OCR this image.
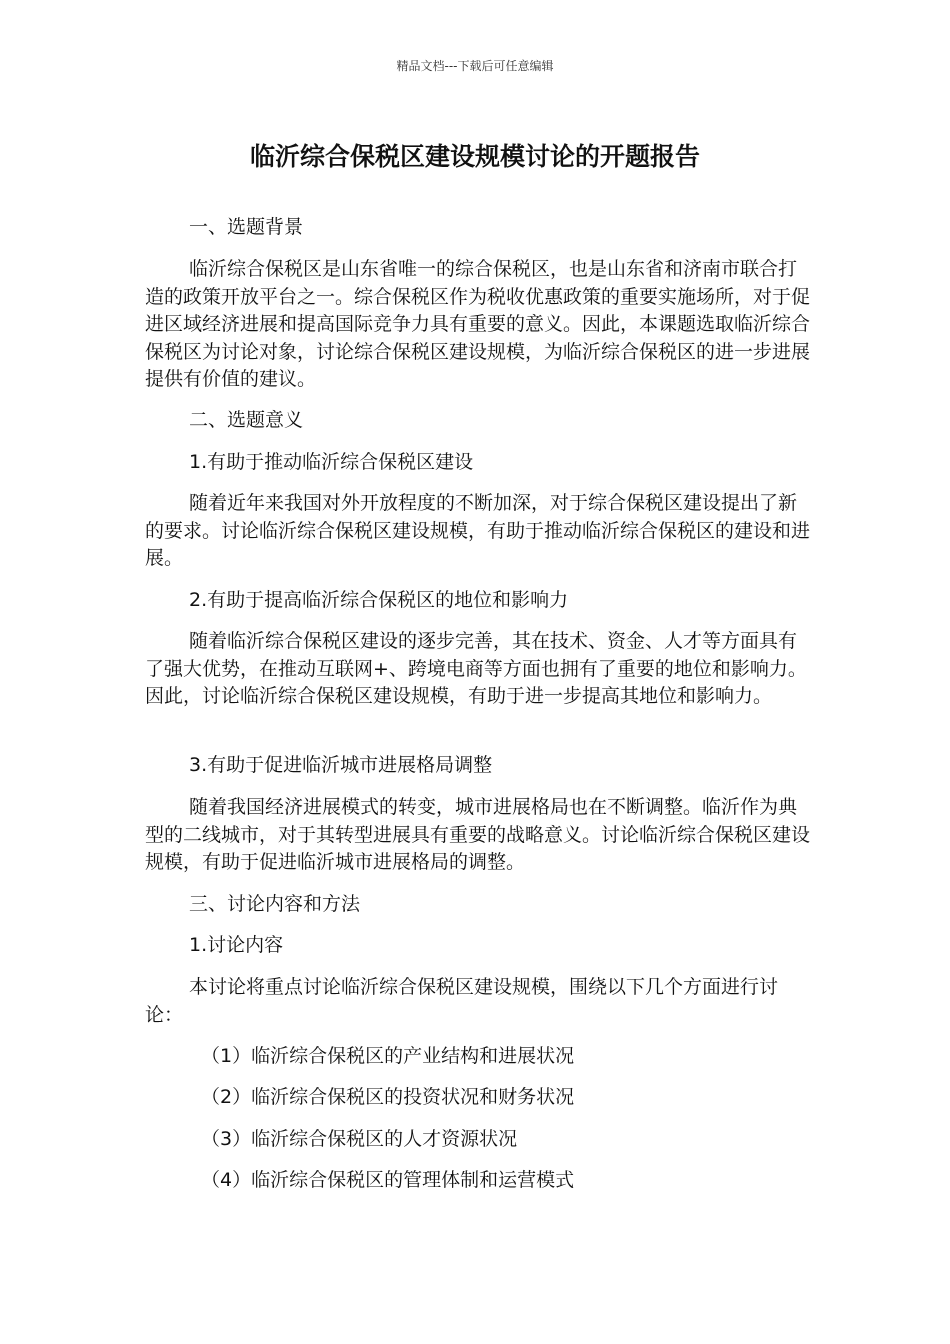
精品文档---下载后可任意编辑
临沂综合保税区建设规模讨论的开题报告
一、选题背景
临沂综合保税区是山东省唯一的综合保税区，也是山东省和济南市联合打造的政策开放平台之一。综合保税区作为税收优惠政策的重要实施场所，对于促进区域经济进展和提高国际竞争力具有重要的意义。因此，本课题选取临沂综合保税区为讨论对象，讨论综合保税区建设规模，为临沂综合保税区的进一步进展提供有价值的建议。
二、选题意义
1.有助于推动临沂综合保税区建设
随着近年来我国对外开放程度的不断加深，对于综合保税区建设提出了新的要求。讨论临沂综合保税区建设规模，有助于推动临沂综合保税区的建设和进展。
2.有助于提高临沂综合保税区的地位和影响力
随着临沂综合保税区建设的逐步完善，其在技术、资金、人才等方面具有了强大优势，在推动互联网+、跨境电商等方面也拥有了重要的地位和影响力。因此，讨论临沂综合保税区建设规模，有助于进一步提高其地位和影响力。
3.有助于促进临沂城市进展格局调整
随着我国经济进展模式的转变，城市进展格局也在不断调整。临沂作为典型的二线城市，对于其转型进展具有重要的战略意义。讨论临沂综合保税区建设规模，有助于促进临沂城市进展格局的调整。
三、讨论内容和方法
1.讨论内容
本讨论将重点讨论临沂综合保税区建设规模，围绕以下几个方面进行讨论：
（1）临沂综合保税区的产业结构和进展状况
（2）临沂综合保税区的投资状况和财务状况
（3）临沂综合保税区的人才资源状况
（4）临沂综合保税区的管理体制和运营模式
